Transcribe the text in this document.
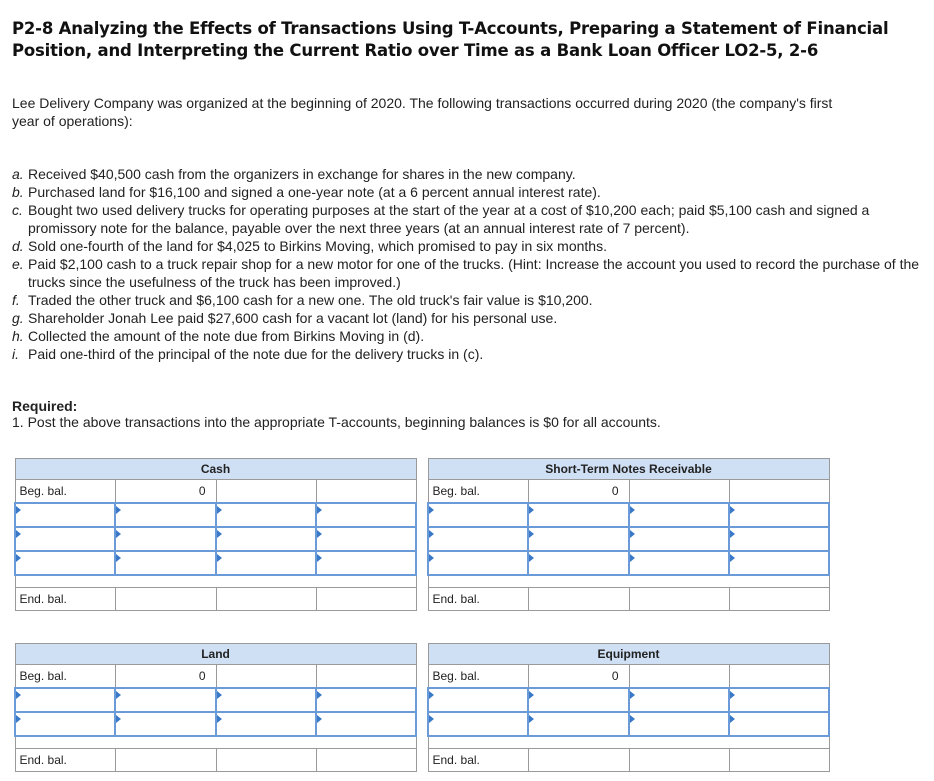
P2-8 Analyzing the Effects of Transactions Using T-Accounts, Preparing a Statement of Financial Position, and Interpreting the Current Ratio over Time as a Bank Loan Officer LO2-5, 2-6
Lee Delivery Company was organized at the beginning of 2020. The following transactions occurred during 2020 (the company's first
year of operations):
a. Received $40,500 cash from the organizers in exchange for shares in the new company.
b. Purchased land for $16,100 and signed a one-year note (at a 6 percent annual interest rate).
c. Bought two used delivery trucks for operating purposes at the start of the year at a cost of $10,200 each; paid $5,100 cash and signed a promissory note for the balance, payable over the next three years (at an annual interest rate of 7 percent).
d. Sold one-fourth of the land for $4,025 to Birkins Moving, which promised to pay in six months.
e. Paid $2,100 cash to a truck repair shop for a new motor for one of the trucks. (Hint: Increase the account you used to record the purchase of the trucks since the usefulness of the truck has been improved.)
f. Traded the other truck and $6,100 cash for a new one. The old truck's fair value is $10,200.
g. Shareholder Jonah Lee paid $27,600 cash for a vacant lot (land) for his personal use.
h. Collected the amount of the note due from Birkins Moving in (d).
i. Paid one-third of the principal of the note due for the delivery trucks in (c).
Required:
1. Post the above transactions into the appropriate T-accounts, beginning balances is $0 for all accounts.
Cash			
Beg. bal.	0		

End. bal.			
Short-Term Notes Receivable			
Beg. bal.	0		

End. bal.			
Land			
Beg. bal.	0		

End. bal.			
Equipment			
Beg. bal.	0		

End. bal.			
